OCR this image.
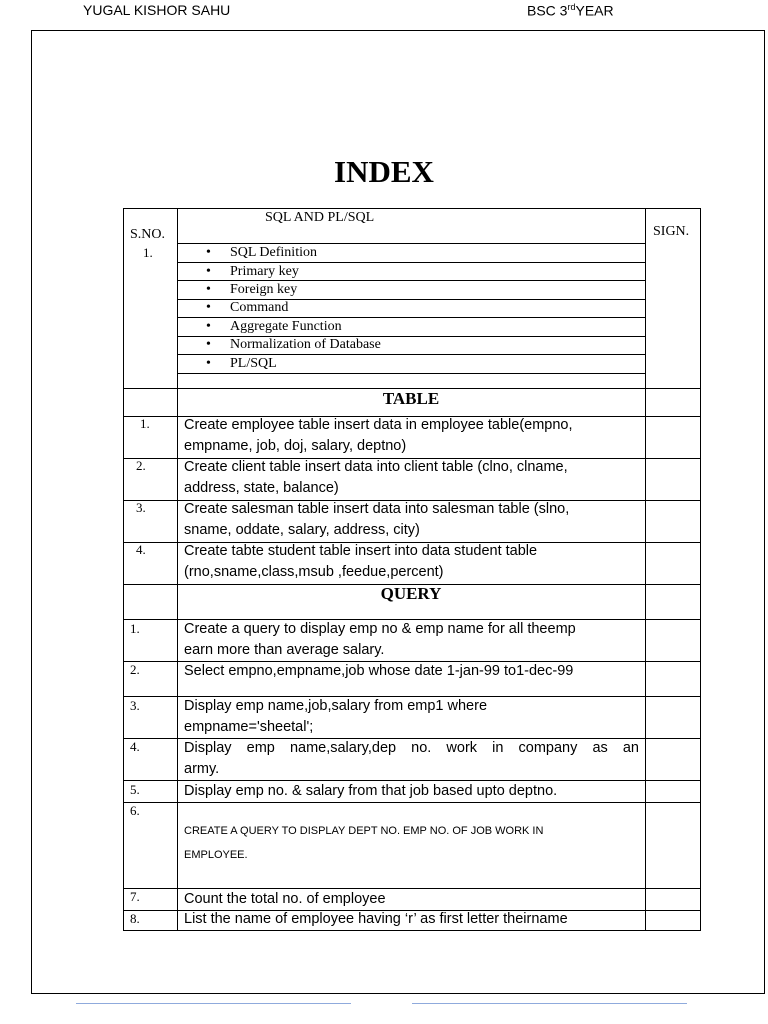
YUGAL KISHOR SAHU	BSC 3rdYEAR
INDEX
SQL AND PL/SQL
S.NO.	SIGN.
1.
•	SQL Definition
• Primary key
• Foreign key
• Command
• Aggregate Function
• Normalization of Database
• PL/SQL
TABLE
1. Create employee table insert data in employee table(empno,
empname, job, doj, salary, deptno)
2.	Create client table insert data into client table (clno, clname,
address, state, balance)
3.	Create salesman table insert data into salesman table (slno,
sname, oddate, salary, address, city)
4.	Create tabte student table insert into data student table
(rno,sname,class,msub ,feedue,percent)
QUERY
1.	Create a query to display emp no & emp name for all theemp
earn more than average salary.
2.	Select empno,empname,job whose date 1-jan-99 to1-dec-99
3.	Display emp name,job,salary from emp1 where
empname='sheetal';
4.	Display emp name,salary,dep no. work in company as an
army.
5.	Display emp no. & salary from that job based upto deptno.
6.
CREATE A QUERY TO DISPLAY DEPT NO. EMP NO. OF JOB WORK IN
EMPLOYEE.
7.	Count the total no. of employee
8.	List the name of employee having ‘r’ as first letter theirname
